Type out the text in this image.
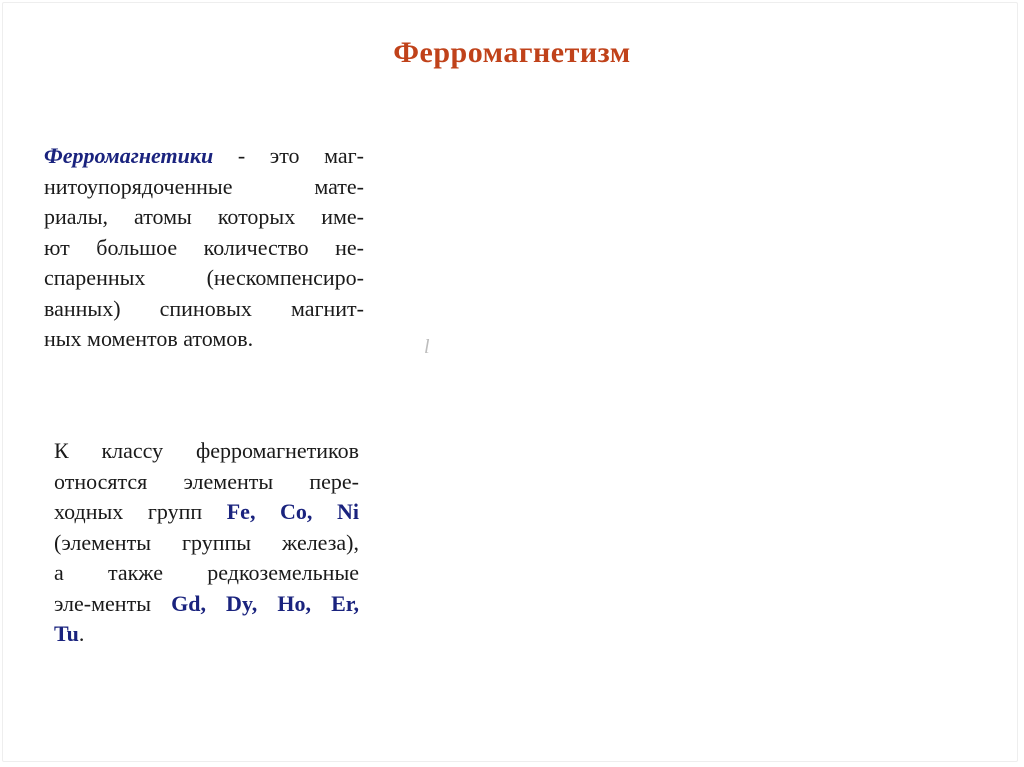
Ферромагнетизм
Ферромагнетики - это маг-
нитоупорядоченные мате-
риалы, атомы которых име-
ют большое количество не-
спаренных (нескомпенсиро-
ванных) спиновых магнит-
ных моментов атомов.	l
К классу ферромагнетиков
относятся элементы пере-
ходных групп Fe, Co, Ni
(элементы группы железа),
а также редкоземельные
эле-менты Gd, Dy, Ho, Er,
Tu.
